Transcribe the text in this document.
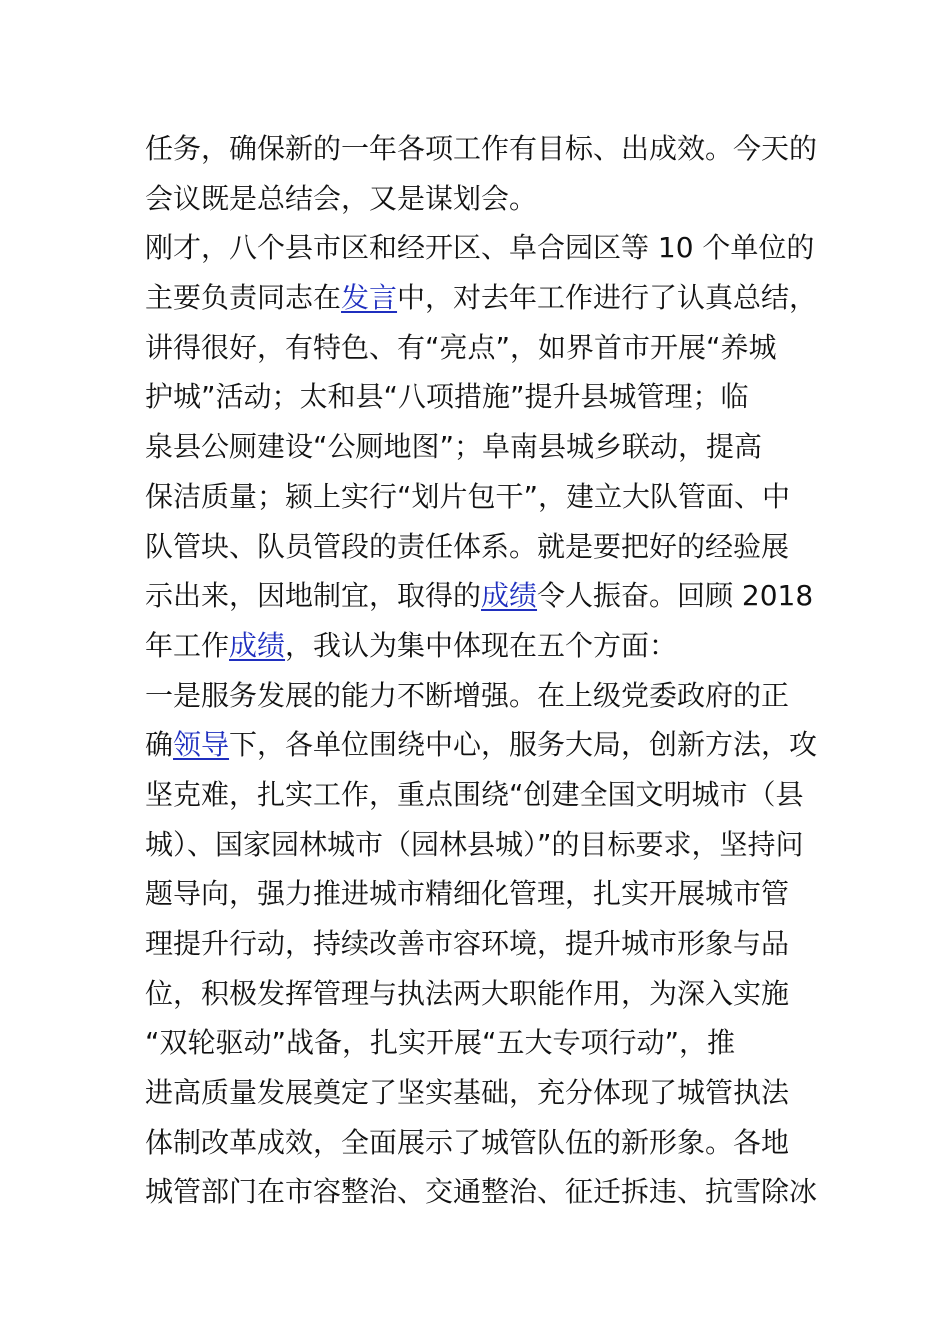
任务，确保新的一年各项工作有目标、出成效。今天的
会议既是总结会，又是谋划会。
刚才，八个县市区和经开区、阜合园区等 10 个单位的
主要负责同志在发言中，对去年工作进行了认真总结，
讲得很好，有特色、有“亮点”，如界首市开展“养城
护城”活动；太和县“八项措施”提升县城管理；临
泉县公厕建设“公厕地图”；阜南县城乡联动，提高
保洁质量；颍上实行“划片包干”，建立大队管面、中
队管块、队员管段的责任体系。就是要把好的经验展
示出来，因地制宜，取得的成绩令人振奋。回顾 2018
年工作成绩，我认为集中体现在五个方面：
一是服务发展的能力不断增强。在上级党委政府的正
确领导下，各单位围绕中心，服务大局，创新方法，攻
坚克难，扎实工作，重点围绕“创建全国文明城市（县
城）、国家园林城市（园林县城）”的目标要求，坚持问
题导向，强力推进城市精细化管理，扎实开展城市管
理提升行动，持续改善市容环境，提升城市形象与品
位，积极发挥管理与执法两大职能作用，为深入实施
“双轮驱动”战备，扎实开展“五大专项行动”，推
进高质量发展奠定了坚实基础，充分体现了城管执法
体制改革成效，全面展示了城管队伍的新形象。各地
城管部门在市容整治、交通整治、征迁拆违、抗雪除冰
